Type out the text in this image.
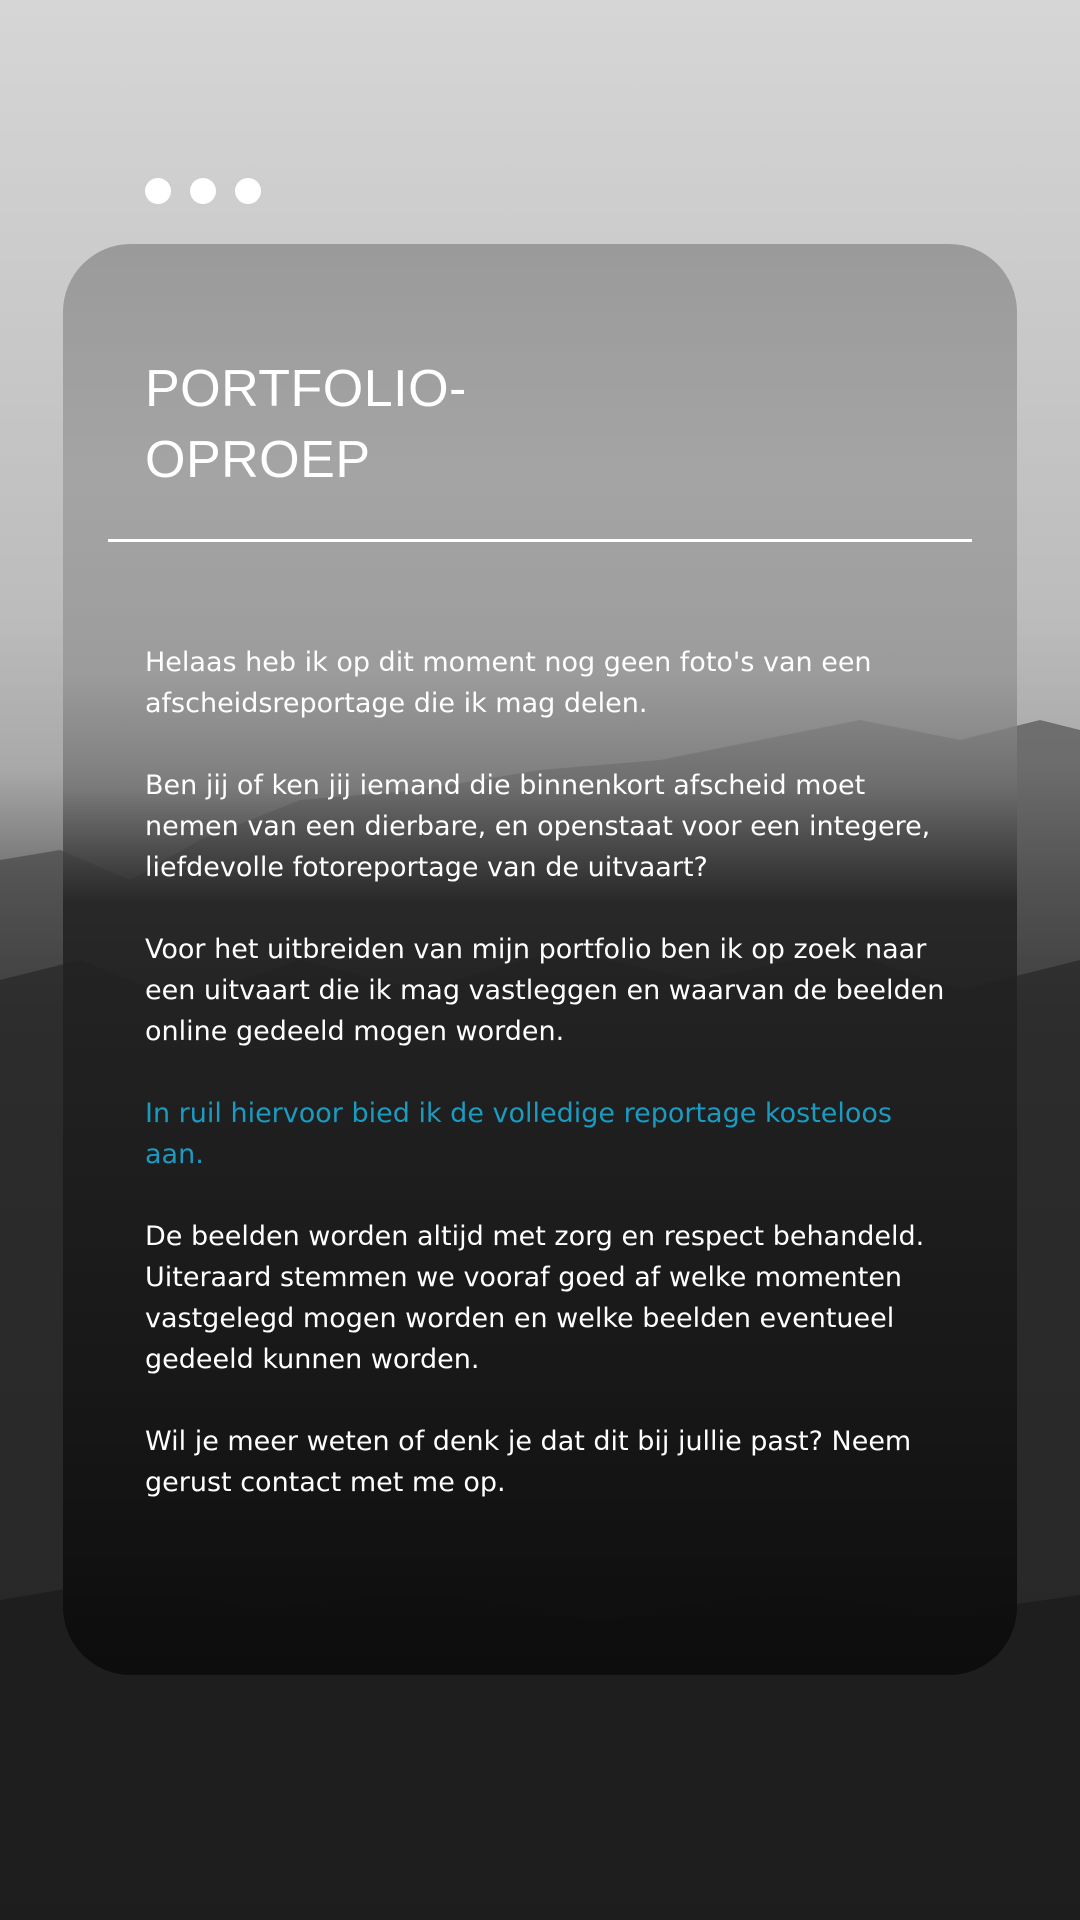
PORTFOLIO-
OPROEP

Helaas heb ik op dit moment nog geen foto's van een afscheidsreportage die ik mag delen.

Ben jij of ken jij iemand die binnenkort afscheid moet nemen van een dierbare, en openstaat voor een integere, liefdevolle fotoreportage van de uitvaart?

Voor het uitbreiden van mijn portfolio ben ik op zoek naar een uitvaart die ik mag vastleggen en waarvan de beelden online gedeeld mogen worden.

In ruil hiervoor bied ik de volledige reportage kosteloos aan.

De beelden worden altijd met zorg en respect behandeld. Uiteraard stemmen we vooraf goed af welke momenten vastgelegd mogen worden en welke beelden eventueel gedeeld kunnen worden.

Wil je meer weten of denk je dat dit bij jullie past? Neem gerust contact met me op.
